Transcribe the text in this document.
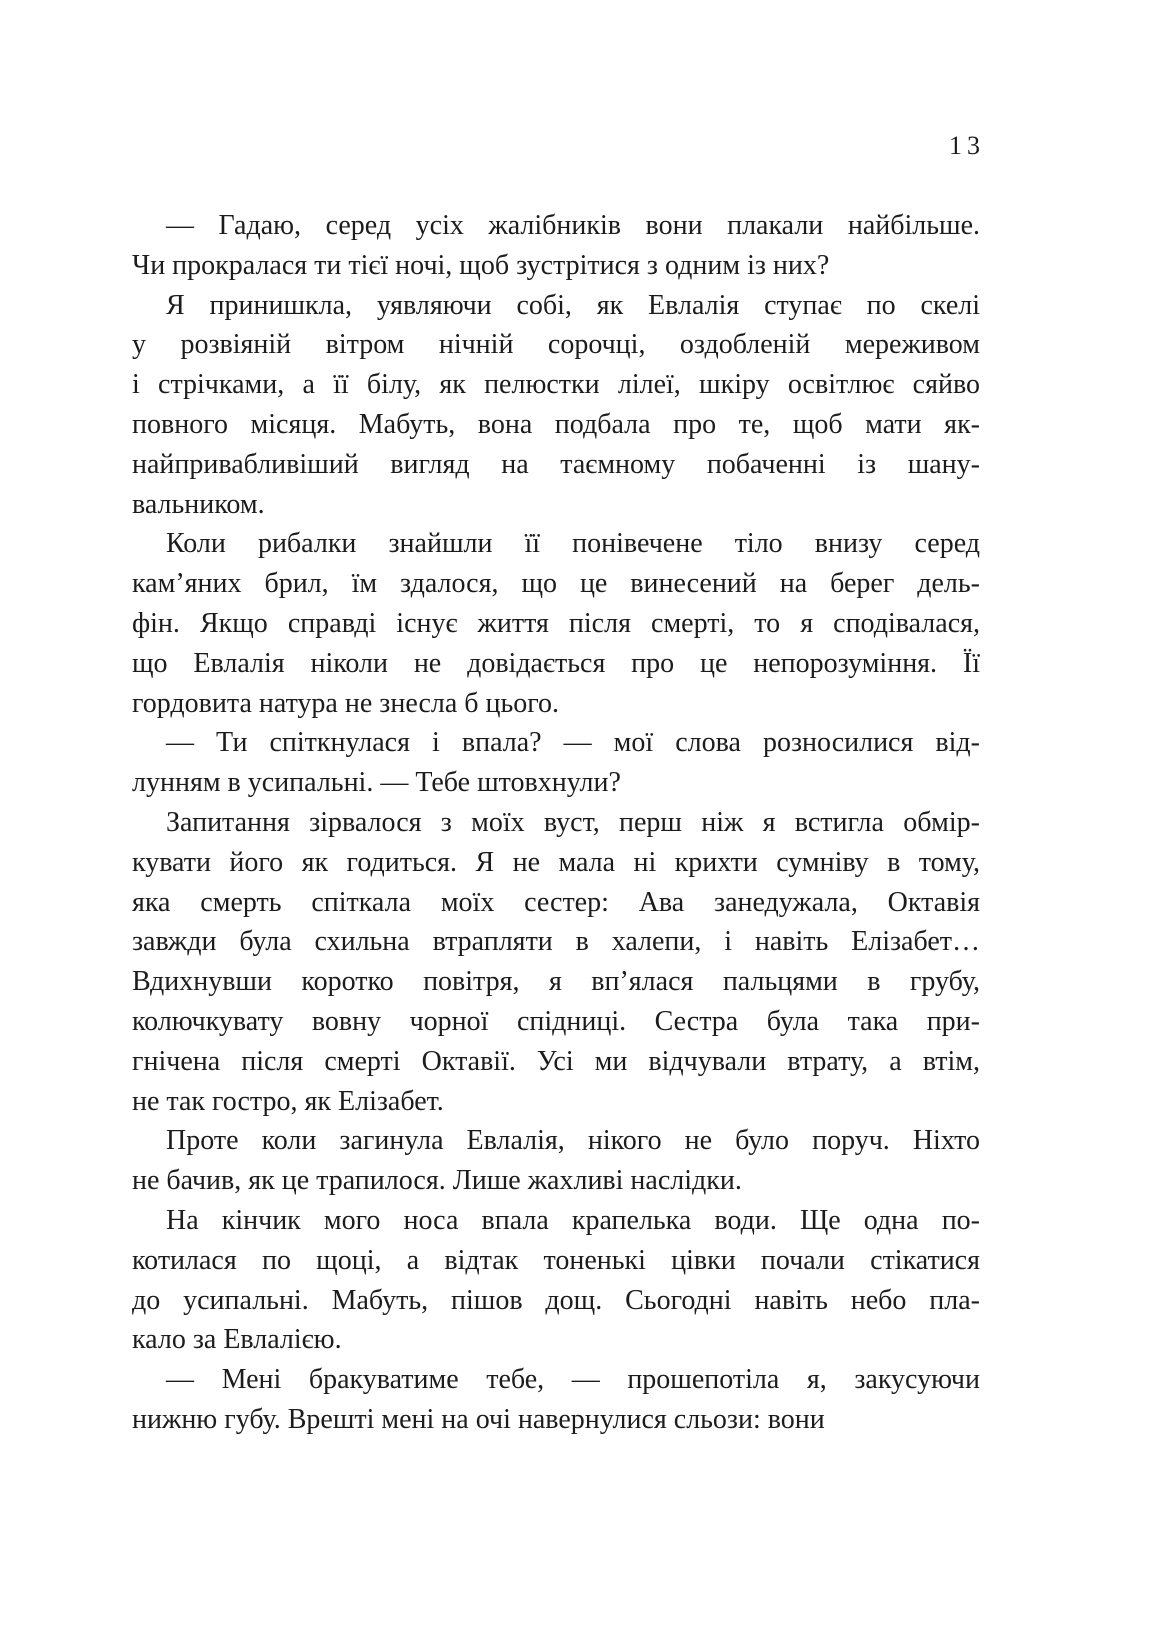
13

— Гадаю, серед усіх жалібників вони плакали найбільше.
Чи прокралася ти тієї ночі, щоб зустрітися з одним із них?

Я принишкла, уявляючи собі, як Евлалія ступає по скелі
у розвіяній вітром нічній сорочці, оздобленій мереживом
і стрічками, а її білу, як пелюстки лілеї, шкіру освітлює сяйво
повного місяця. Мабуть, вона подбала про те, щоб мати як-
найпривабливіший вигляд на таємному побаченні із шану-
вальником.

Коли рибалки знайшли її понівечене тіло внизу серед
кам’яних брил, їм здалося, що це винесений на берег дель-
фін. Якщо справді існує життя після смерті, то я сподівалася,
що Евлалія ніколи не довідається про це непорозуміння. Її
гордовита натура не знесла б цього.

— Ти спіткнулася і впала? — мої слова розносилися від-
лунням в усипальні. — Тебе штовхнули?

Запитання зірвалося з моїх вуст, перш ніж я встигла обмір-
кувати його як годиться. Я не мала ні крихти сумніву в тому,
яка смерть спіткала моїх сестер: Ава занедужала, Октавія
завжди була схильна втрапляти в халепи, і навіть Елізабет…
Вдихнувши коротко повітря, я вп’ялася пальцями в грубу,
колючкувату вовну чорної спідниці. Сестра була така при-
гнічена після смерті Октавії. Усі ми відчували втрату, а втім,
не так гостро, як Елізабет.

Проте коли загинула Евлалія, нікого не було поруч. Ніхто
не бачив, як це трапилося. Лише жахливі наслідки.

На кінчик мого носа впала крапелька води. Ще одна по-
котилася по щоці, а відтак тоненькі цівки почали стікатися
до усипальні. Мабуть, пішов дощ. Сьогодні навіть небо пла-
кало за Евлалією.

— Мені бракуватиме тебе, — прошепотіла я, закусуючи
нижню губу. Врешті мені на очі навернулися сльози: вони
